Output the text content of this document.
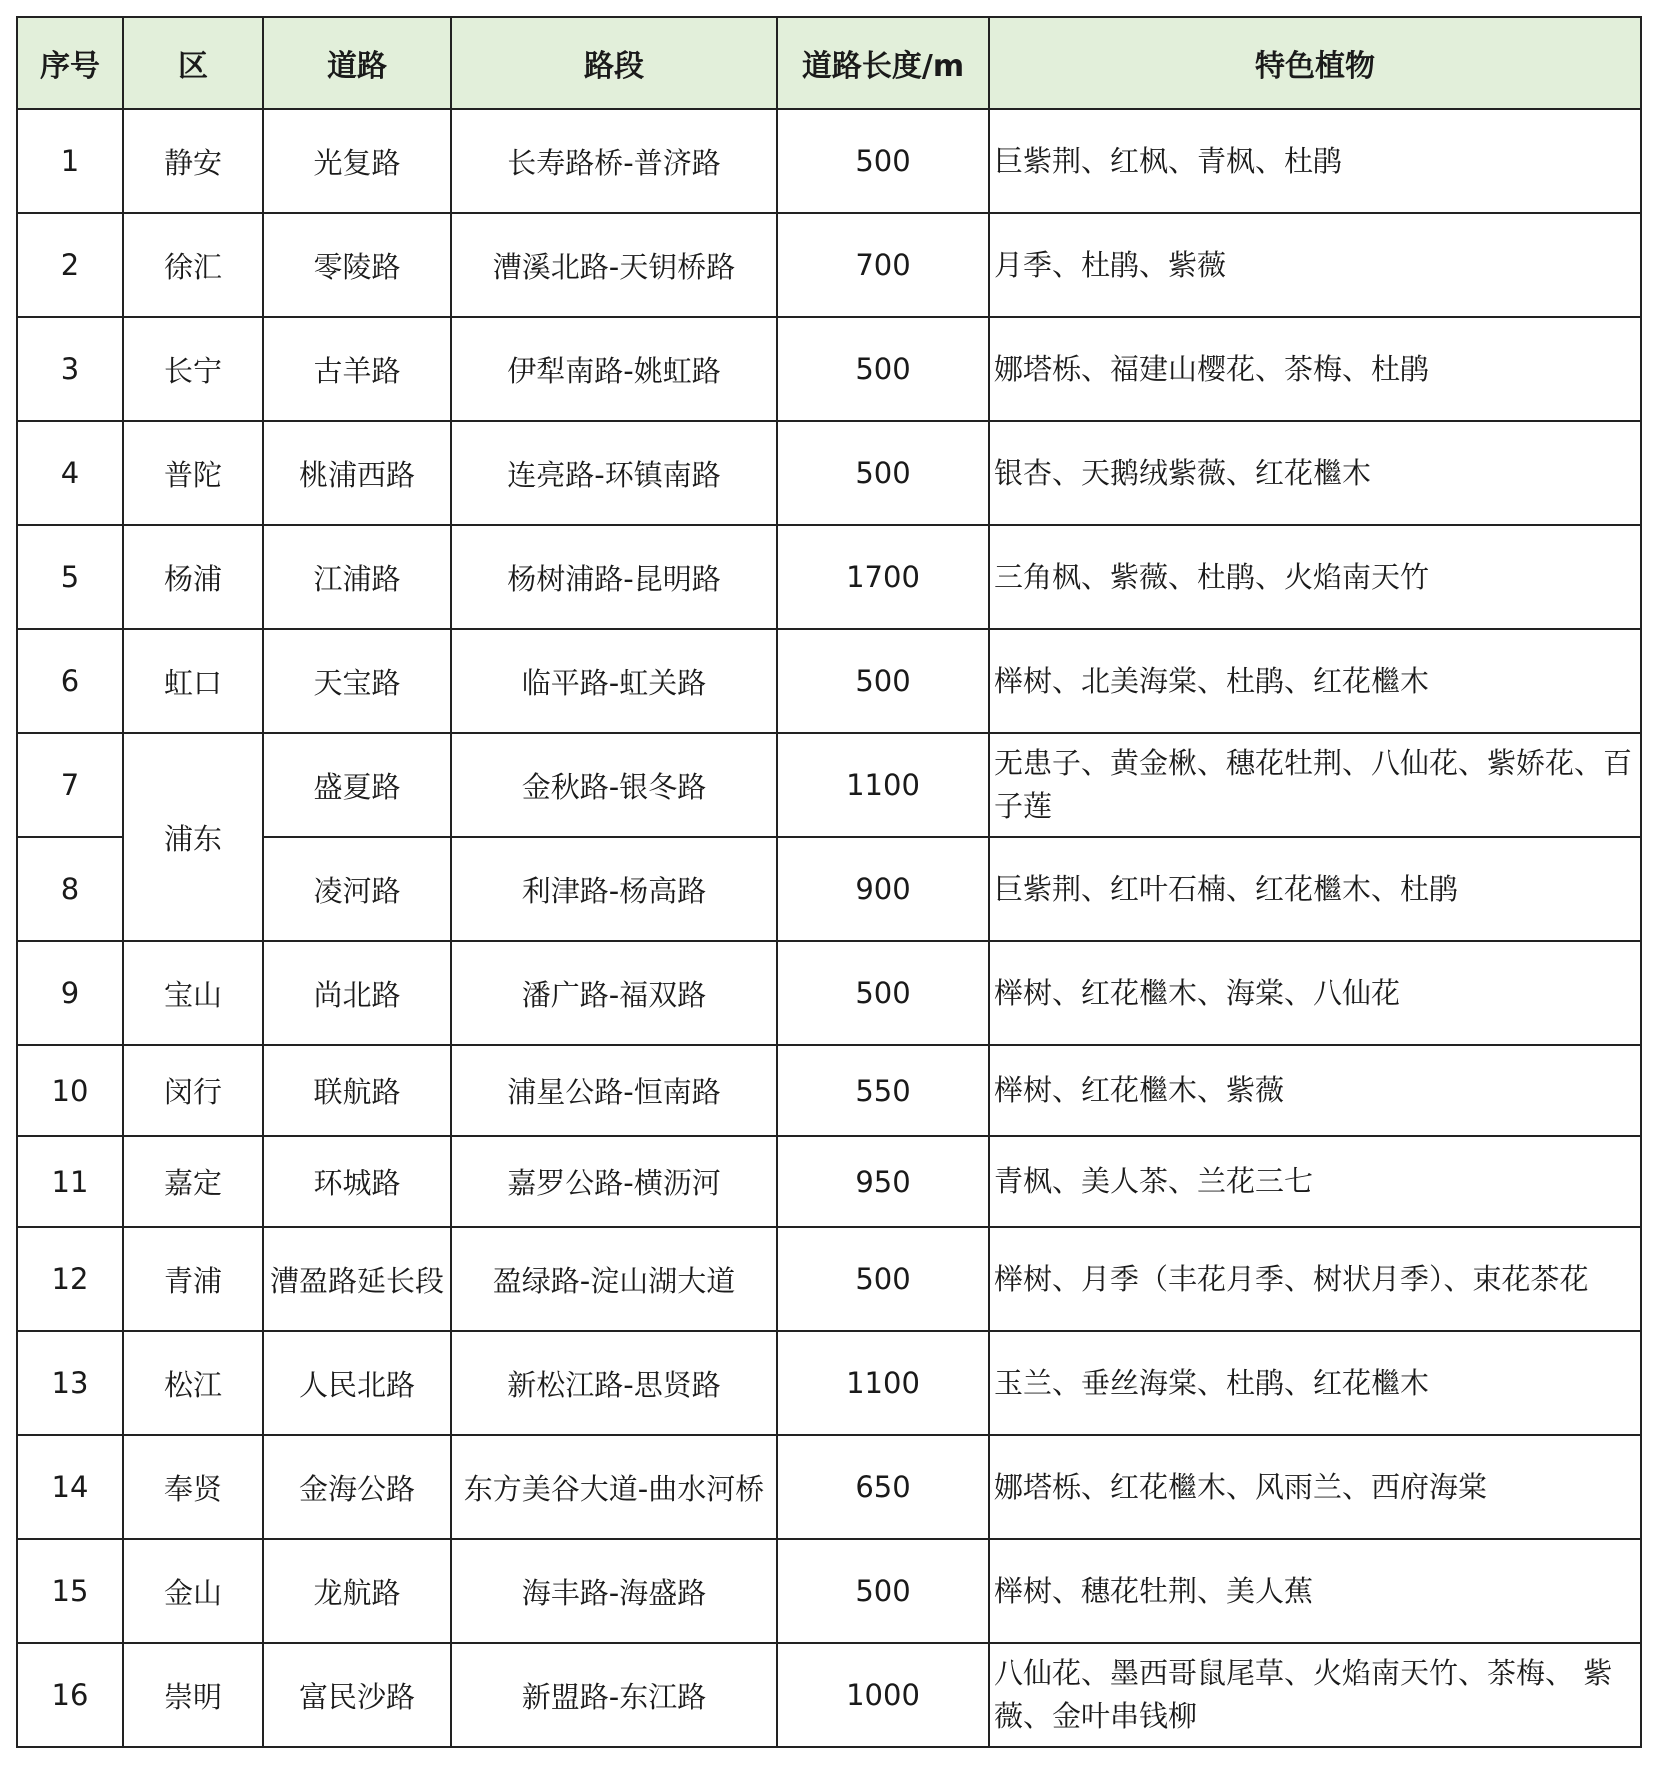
序号	区	道路	路段	道路长度/m	特色植物
1	静安	光复路	长寿路桥-普济路	500	巨紫荆、红枫、青枫、杜鹃
2	徐汇	零陵路	漕溪北路-天钥桥路	700	月季、杜鹃、紫薇
3	长宁	古羊路	伊犁南路-姚虹路	500	娜塔栎、福建山樱花、茶梅、杜鹃
4	普陀	桃浦西路	连亮路-环镇南路	500	银杏、天鹅绒紫薇、红花檵木
5	杨浦	江浦路	杨树浦路-昆明路	1700	三角枫、紫薇、杜鹃、火焰南天竹
6	虹口	天宝路	临平路-虹关路	500	榉树、北美海棠、杜鹃、红花檵木
7	浦东	盛夏路	金秋路-银冬路	1100	无患子、黄金楸、穗花牡荆、八仙花、紫娇花、百子莲
8		凌河路	利津路-杨高路	900	巨紫荆、红叶石楠、红花檵木、杜鹃
9	宝山	尚北路	潘广路-福双路	500	榉树、红花檵木、海棠、八仙花
10	闵行	联航路	浦星公路-恒南路	550	榉树、红花檵木、紫薇
11	嘉定	环城路	嘉罗公路-横沥河	950	青枫、美人茶、兰花三七
12	青浦	漕盈路延长段	盈绿路-淀山湖大道	500	榉树、月季（丰花月季、树状月季）、束花茶花
13	松江	人民北路	新松江路-思贤路	1100	玉兰、垂丝海棠、杜鹃、红花檵木
14	奉贤	金海公路	东方美谷大道-曲水河桥	650	娜塔栎、红花檵木、风雨兰、西府海棠
15	金山	龙航路	海丰路-海盛路	500	榉树、穗花牡荆、美人蕉
16	崇明	富民沙路	新盟路-东江路	1000	八仙花、墨西哥鼠尾草、火焰南天竹、茶梅、 紫薇、金叶串钱柳
